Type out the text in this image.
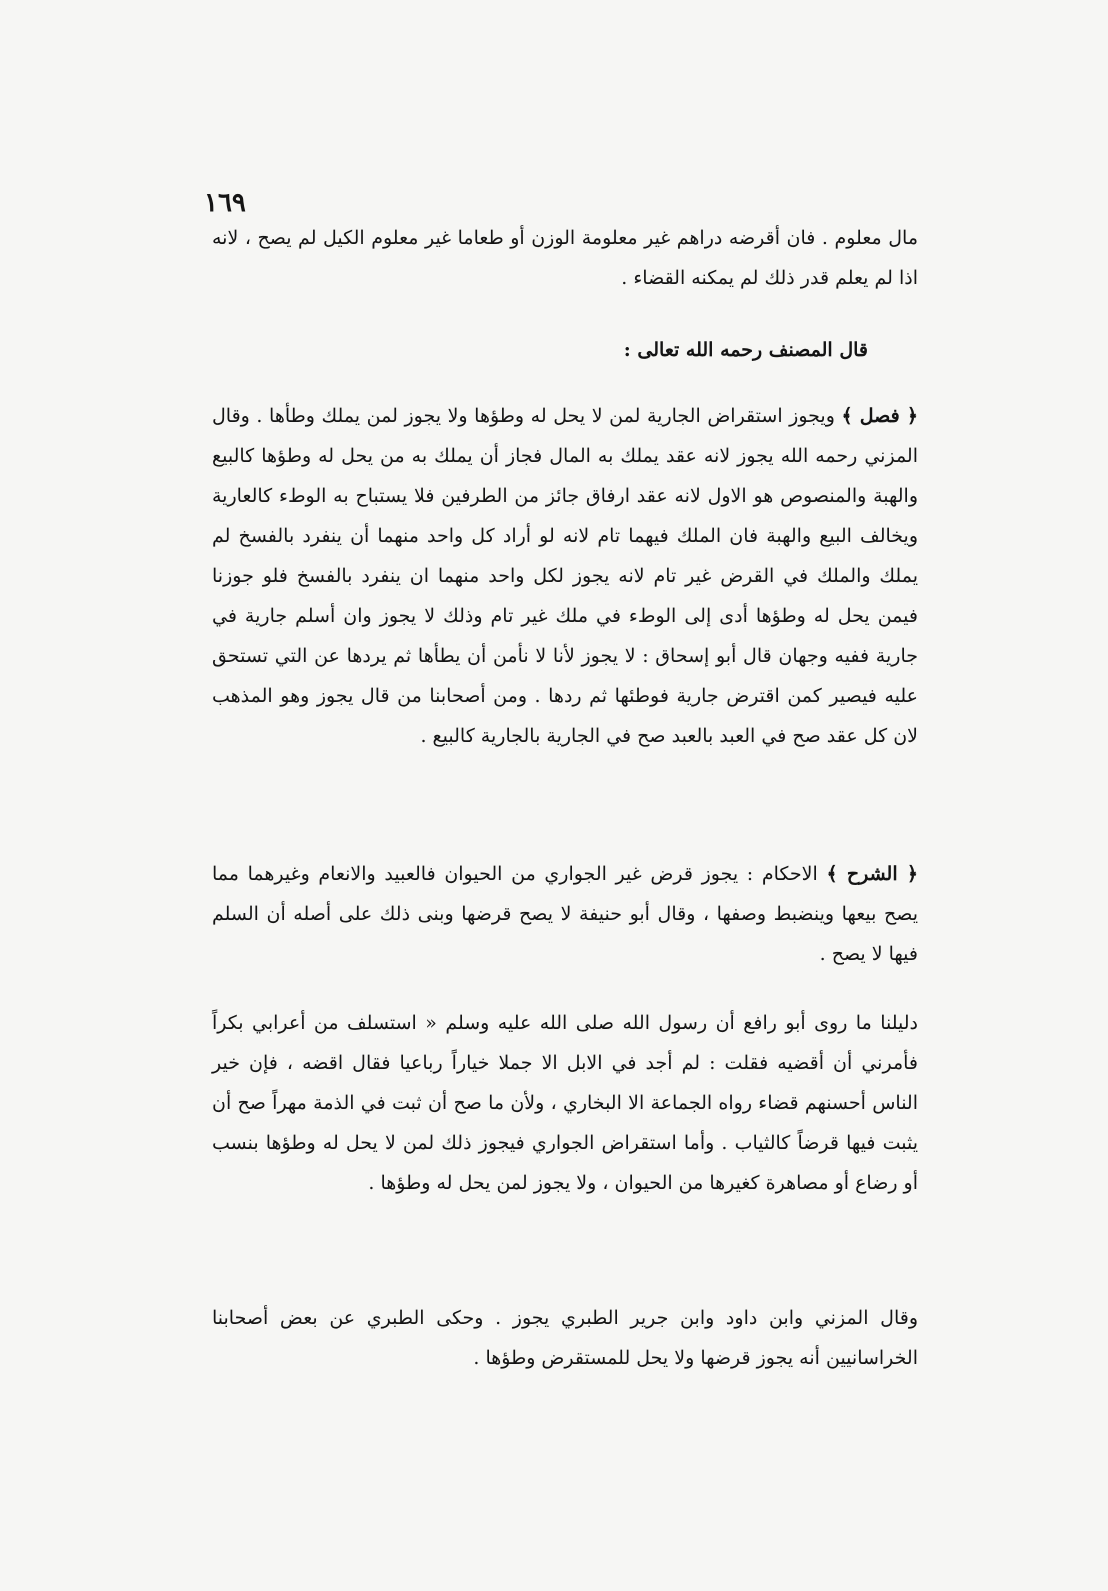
١٦٩

مال معلوم . فان أقرضه دراهم غير معلومة الوزن أو طعاما غير معلوم الكيل لم يصح ، لانه اذا لم يعلم قدر ذلك لم يمكنه القضاء .

قال المصنف رحمه الله تعالى :

﴿ فصل ﴾ ويجوز استقراض الجارية لمن لا يحل له وطؤها ولا يجوز لمن يملك وطأها . وقال المزني رحمه الله يجوز لانه عقد يملك به المال فجاز أن يملك به من يحل له وطؤها كالبيع والهبة والمنصوص هو الاول لانه عقد ارفاق جائز من الطرفين فلا يستباح به الوطء كالعارية ويخالف البيع والهبة فان الملك فيهما تام لانه لو أراد كل واحد منهما أن ينفرد بالفسخ لم يملك والملك في القرض غير تام لانه يجوز لكل واحد منهما ان ينفرد بالفسخ فلو جوزنا فيمن يحل له وطؤها أدى إلى الوطء في ملك غير تام وذلك لا يجوز وان أسلم جارية في جارية ففيه وجهان قال أبو إسحاق : لا يجوز لأنا لا نأمن أن يطأها ثم يردها عن التي تستحق عليه فيصير كمن اقترض جارية فوطئها ثم ردها . ومن أصحابنا من قال يجوز وهو المذهب لان كل عقد صح في العبد بالعبد صح في الجارية بالجارية كالبيع .

﴿ الشرح ﴾ الاحكام : يجوز قرض غير الجواري من الحيوان فالعبيد والانعام وغيرهما مما يصح بيعها وينضبط وصفها ، وقال أبو حنيفة لا يصح قرضها وبنى ذلك على أصله أن السلم فيها لا يصح .

دليلنا ما روى أبو رافع أن رسول الله صلى الله عليه وسلم « استسلف من أعرابي بكراً فأمرني أن أقضيه فقلت : لم أجد في الابل الا جملا خياراً رباعيا فقال اقضه ، فإن خير الناس أحسنهم قضاء رواه الجماعة الا البخاري ، ولأن ما صح أن ثبت في الذمة مهراً صح أن يثبت فيها قرضاً كالثياب . وأما استقراض الجواري فيجوز ذلك لمن لا يحل له وطؤها بنسب أو رضاع أو مصاهرة كغيرها من الحيوان ، ولا يجوز لمن يحل له وطؤها .

وقال المزني وابن داود وابن جرير الطبري يجوز . وحكى الطبري عن بعض أصحابنا الخراسانيين أنه يجوز قرضها ولا يحل للمستقرض وطؤها .
